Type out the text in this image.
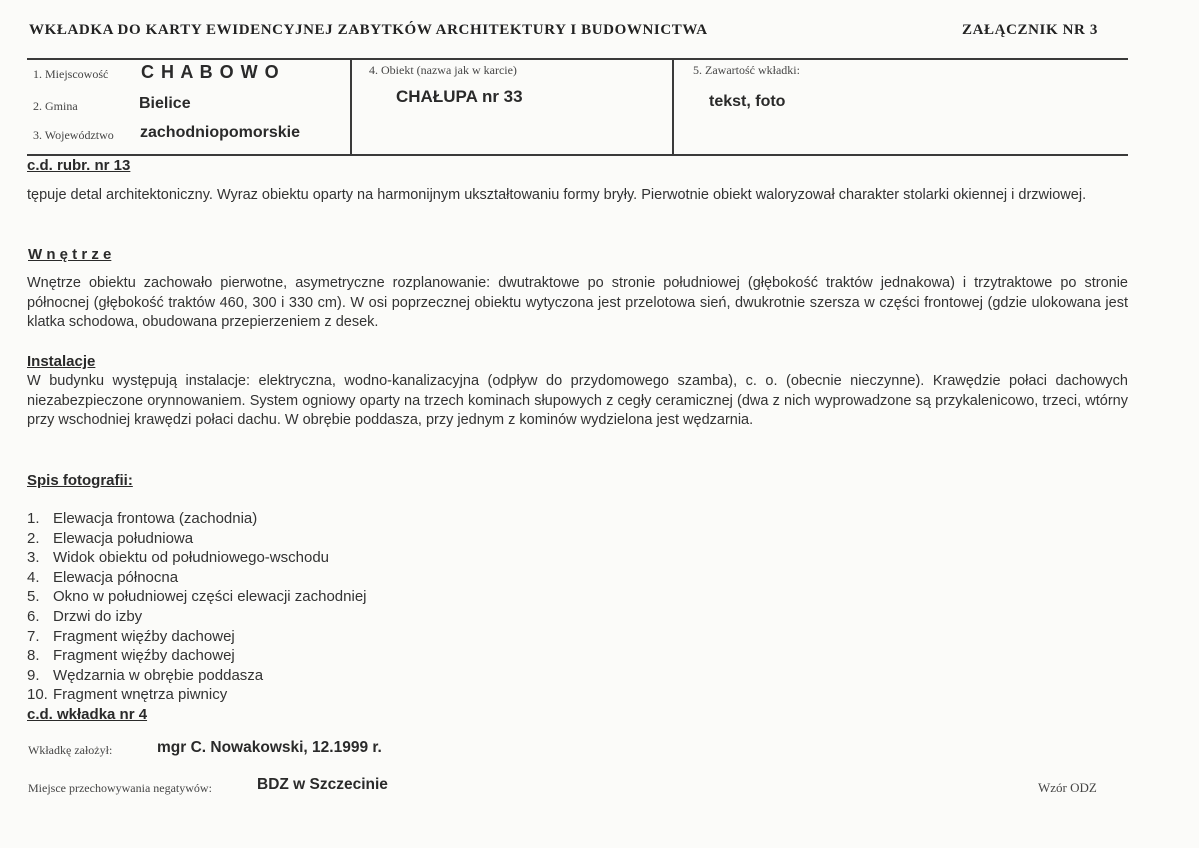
WKŁADKA DO KARTY EWIDENCYJNEJ ZABYTKÓW ARCHITEKTURY I BUDOWNICTWA	ZAŁĄCZNIK NR 3
1. Miejscowość C H A B O W O
2. Gmina	Bielice
3. Województwo zachodniopomorskie
4. Obiekt (nazwa jak w karcie)
CHAŁUPA nr 33
5. Zawartość wkładki:
tekst, foto
c.d. rubr. nr 13
tępuje detal architektoniczny. Wyraz obiektu oparty na harmonijnym ukształtowaniu formy bryły. Pierwotnie obiekt waloryzował charakter stolarki okiennej i drzwiowej.
W n ę t r z e
Wnętrze obiektu zachowało pierwotne, asymetryczne rozplanowanie: dwutraktowe po stronie południowej (głębokość traktów jednakowa) i trzytraktowe po stronie północnej (głębokość traktów 460, 300 i 330 cm). W osi poprzecznej obiektu wytyczona jest przelotowa sień, dwukrotnie szersza w części frontowej (gdzie ulokowana jest klatka schodowa, obudowana przepierzeniem z desek.
Instalacje
W budynku występują instalacje: elektryczna, wodno-kanalizacyjna (odpływ do przydomowego szamba), c. o. (obecnie nieczynne). Krawędzie połaci dachowych niezabezpieczone orynnowaniem. System ogniowy oparty na trzech kominach słupowych z cegły ceramicznej (dwa z nich wyprowadzone są przykalenicowo, trzeci, wtórny przy wschodniej krawędzi połaci dachu. W obrębie poddasza, przy jednym z kominów wydzielona jest wędzarnia.
Spis fotografii:
1. Elewacja frontowa (zachodnia)
2. Elewacja południowa
3. Widok obiektu od południowego-wschodu
4. Elewacja północna
5. Okno w południowej części elewacji zachodniej
6. Drzwi do izby
7. Fragment więźby dachowej
8. Fragment więźby dachowej
9. Wędzarnia w obrębie poddasza
10. Fragment wnętrza piwnicy
c.d. wkładka nr 4
Wkładkę założył:	mgr C. Nowakowski, 12.1999 r.
Miejsce przechowywania negatywów:	BDZ w Szczecinie	Wzór ODZ
